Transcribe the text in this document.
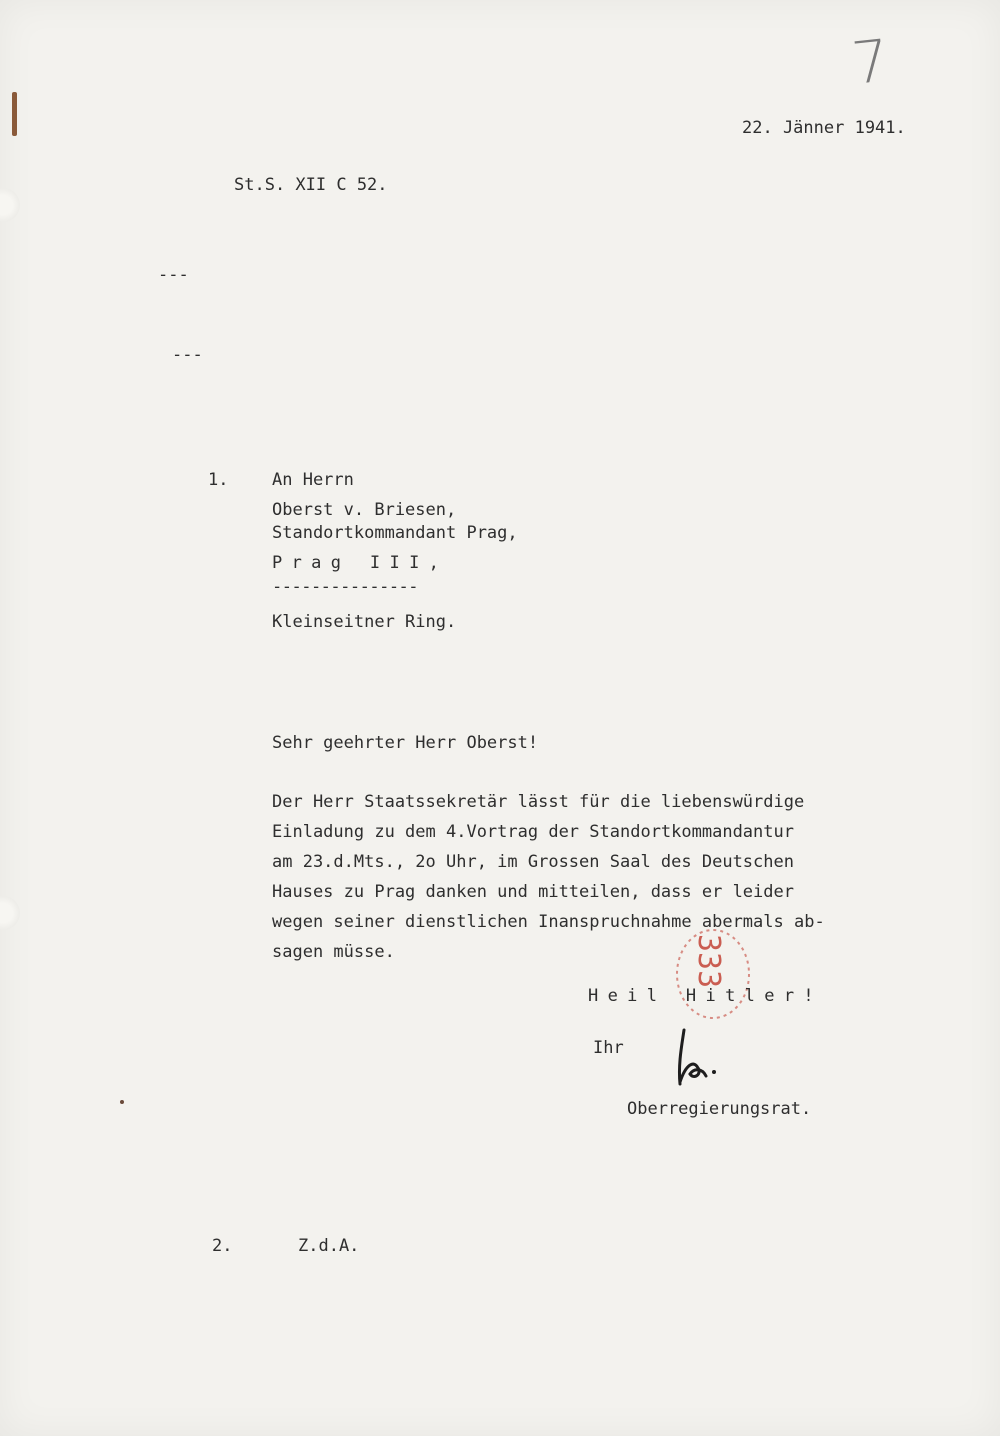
7
22. Jänner 1941.
St.S. XII C 52.
---
---
1.	An Herrn
Oberst v. Briesen,
Standortkommandant Prag,
Prag III,
---------------
Kleinseitner Ring.
Sehr geehrter Herr Oberst!
Der Herr Staatssekretär lässt für die liebenswürdige
Einladung zu dem 4.Vortrag der Standortkommandantur
am 23.d.Mts., 2o Uhr, im Grossen Saal des Deutschen
Hauses zu Prag danken und mitteilen, dass er leider
wegen seiner dienstlichen Inanspruchnahme abermals ab-
sagen müsse.	333
Heil Hitler!
Ihr
Oberregierungsrat.
2.	Z.d.A.
